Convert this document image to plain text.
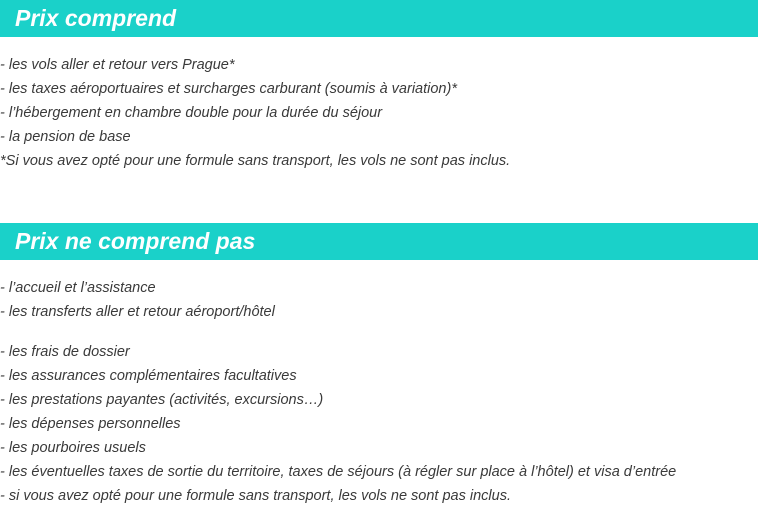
Prix comprend
- les vols aller et retour vers Prague*
- les taxes aéroportuaires et surcharges carburant (soumis à variation)*
- l’hébergement en chambre double pour la durée du séjour
- la pension de base
*Si vous avez opté pour une formule sans transport, les vols ne sont pas inclus.
Prix ne comprend pas
- l’accueil et l’assistance
- les transferts aller et retour aéroport/hôtel
- les frais de dossier
- les assurances complémentaires facultatives
- les prestations payantes (activités, excursions…)
- les dépenses personnelles
- les pourboires usuels
- les éventuelles taxes de sortie du territoire, taxes de séjours (à régler sur place à l’hôtel) et visa d’entrée
- si vous avez opté pour une formule sans transport, les vols ne sont pas inclus.
